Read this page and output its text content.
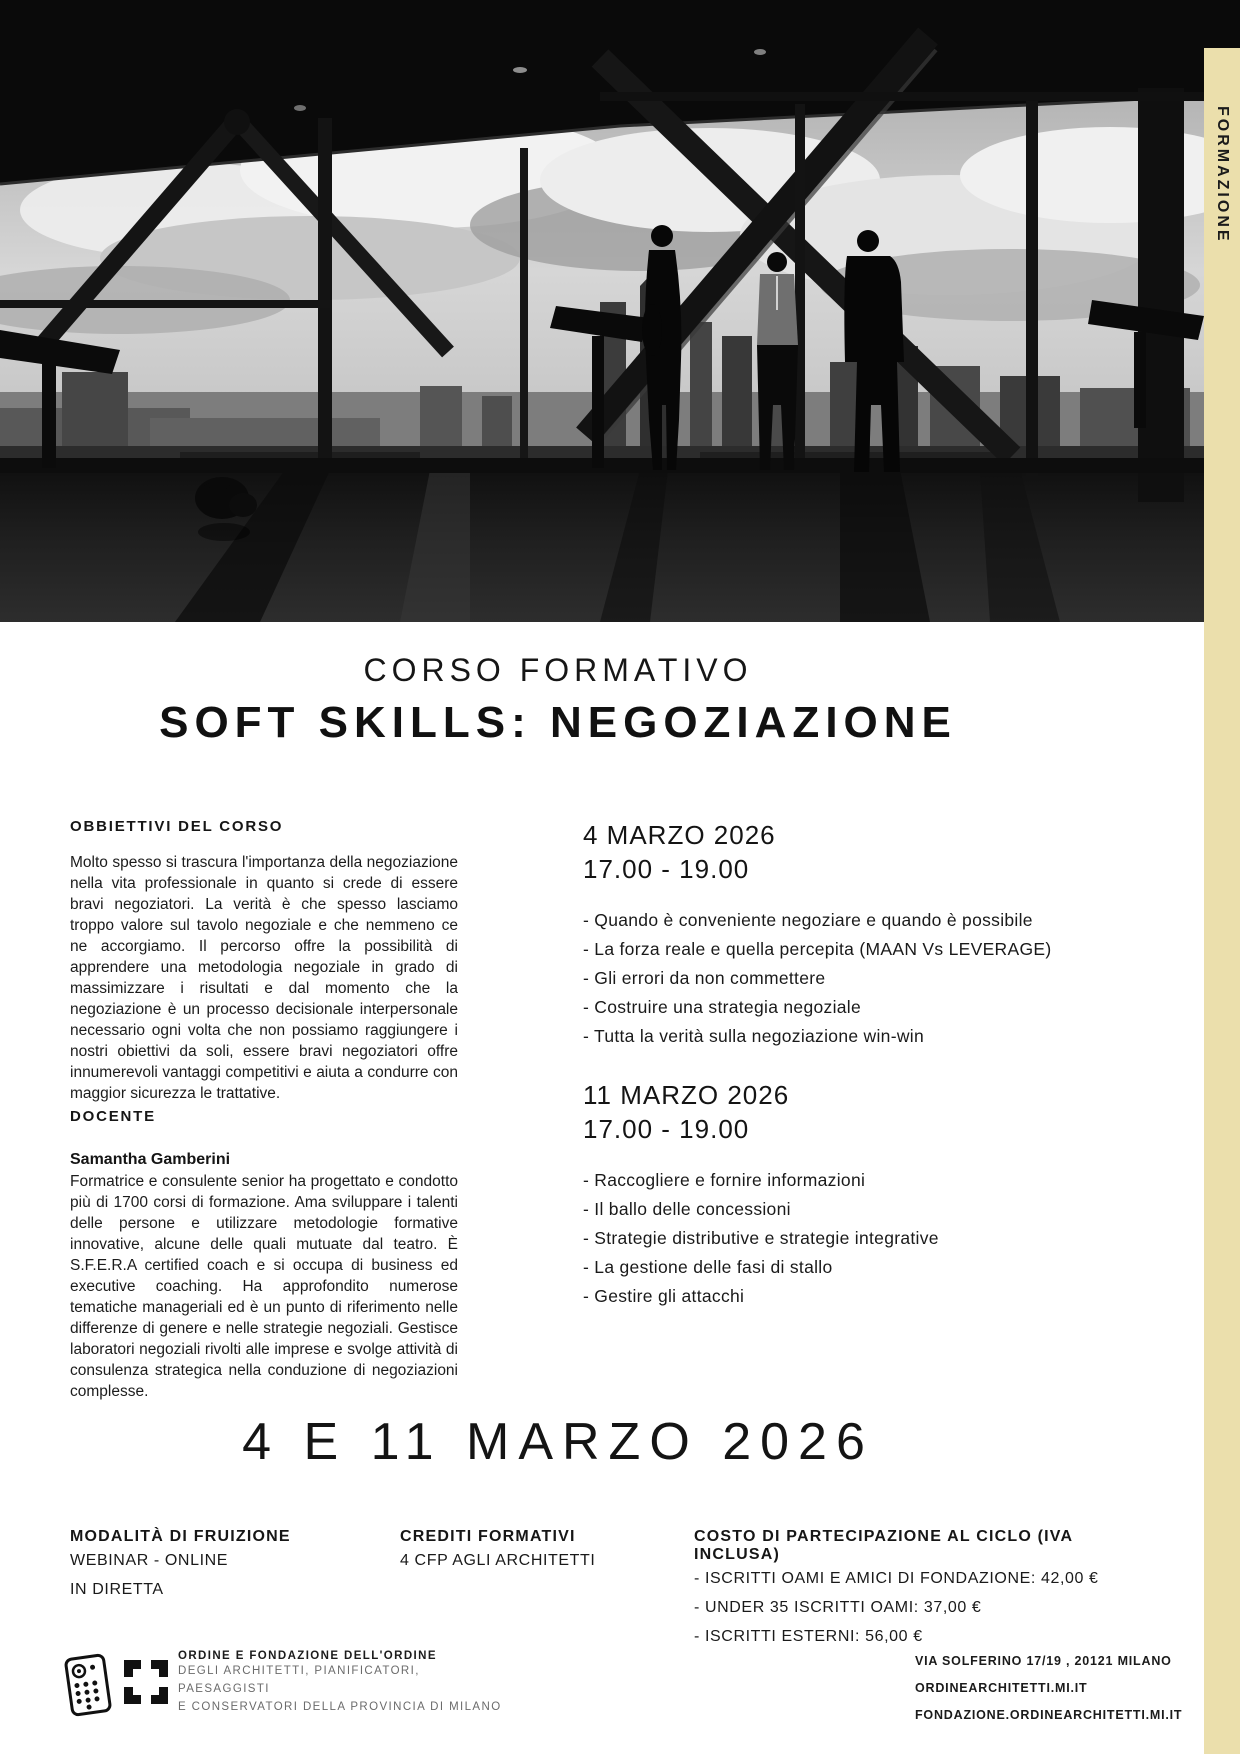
FORMAZIONE
CORSO FORMATIVO
SOFT SKILLS: NEGOZIAZIONE
OBBIETTIVI DEL CORSO
Molto spesso si trascura l'importanza della negoziazione nella vita professionale in quanto si crede di essere bravi negoziatori. La verità è che spesso lasciamo troppo valore sul tavolo negoziale e che nemmeno ce ne accorgiamo. Il percorso offre la possibilità di apprendere una metodologia negoziale in grado di massimizzare i risultati e dal momento che la negoziazione è un processo decisionale interpersonale necessario ogni volta che non possiamo raggiungere i nostri obiettivi da soli, essere bravi negoziatori offre innumerevoli vantaggi competitivi e aiuta a condurre con maggior sicurezza le trattative.
DOCENTE
Samantha Gamberini
Formatrice e consulente senior ha progettato e condotto più di 1700 corsi di formazione. Ama sviluppare i talenti delle persone e utilizzare metodologie formative innovative, alcune delle quali mutuate dal teatro. È S.F.E.R.A certified coach e si occupa di business ed executive coaching. Ha approfondito numerose tematiche manageriali ed è un punto di riferimento nelle differenze di genere e nelle strategie negoziali. Gestisce laboratori negoziali rivolti alle imprese e svolge attività di consulenza strategica nella conduzione di negoziazioni complesse.
4 MARZO 2026
17.00 - 19.00
- Quando è conveniente negoziare e quando è possibile
- La forza reale e quella percepita (MAAN Vs LEVERAGE)
- Gli errori da non commettere
- Costruire una strategia negoziale
- Tutta la verità sulla negoziazione win-win
11 MARZO 2026
17.00 - 19.00
- Raccogliere e fornire informazioni
- Il ballo delle concessioni
- Strategie distributive e strategie integrative
- La gestione delle fasi di stallo
- Gestire gli attacchi
4 E 11 MARZO 2026
MODALITÀ DI FRUIZIONE
WEBINAR - ONLINE
IN DIRETTA
CREDITI FORMATIVI
4 CFP AGLI ARCHITETTI
COSTO DI PARTECIPAZIONE AL CICLO (IVA INCLUSA)
- ISCRITTI OAMI E AMICI DI FONDAZIONE: 42,00 €
- UNDER 35 ISCRITTI OAMI: 37,00 €
- ISCRITTI ESTERNI: 56,00 €
ORDINE E FONDAZIONE DELL'ORDINE
DEGLI ARCHITETTI, PIANIFICATORI, PAESAGGISTI
E CONSERVATORI DELLA PROVINCIA DI MILANO
VIA SOLFERINO 17/19 , 20121 MILANO
ORDINEARCHITETTI.MI.IT
FONDAZIONE.ORDINEARCHITETTI.MI.IT
